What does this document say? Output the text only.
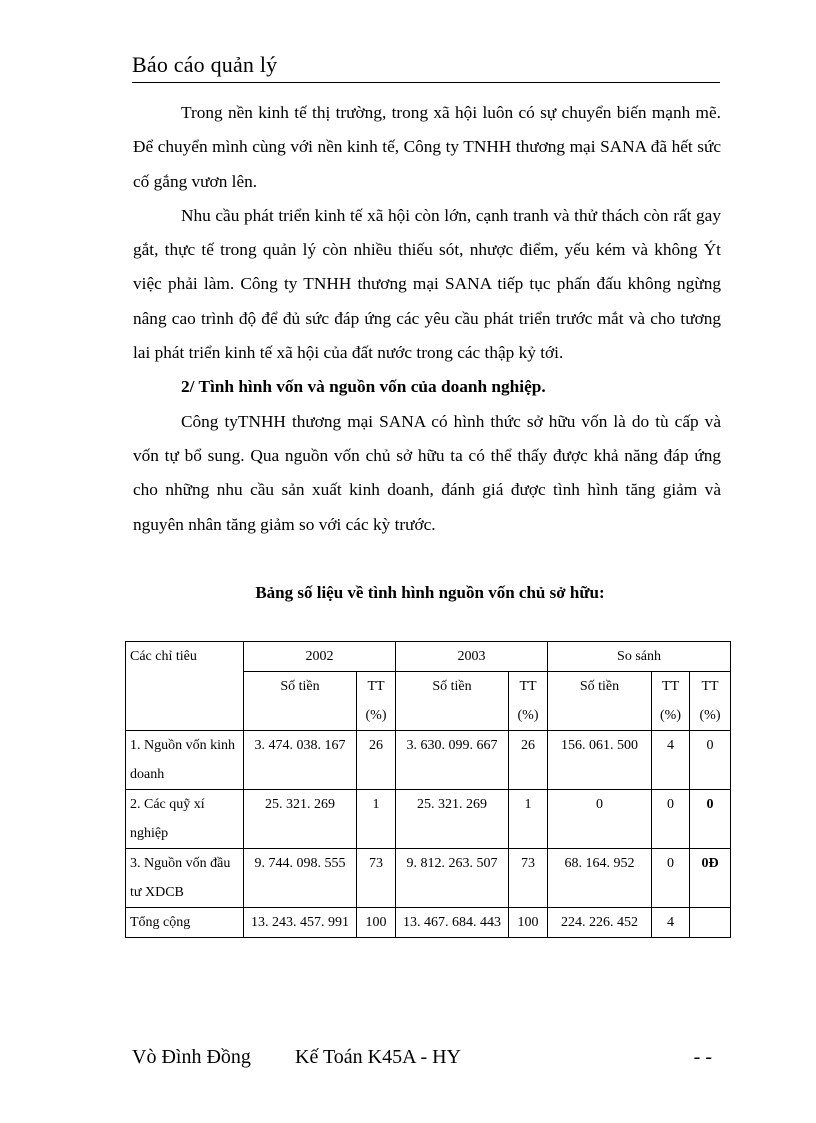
Báo cáo quản lý

Trong nền kinh tế thị trường, trong xã hội luôn có sự chuyển biến mạnh mẽ. Để chuyển mình cùng với nền kinh tế, Công ty TNHH thương mại SANA đã hết sức cố gắng vươn lên.

Nhu cầu phát triển kinh tế xã hội còn lớn, cạnh tranh và thử thách còn rất gay gắt, thực tế trong quản lý còn nhiều thiếu sót, nhược điểm, yếu kém và không Ýt việc phải làm. Công ty TNHH thương mại SANA tiếp tục phấn đấu không ngừng nâng cao trình độ để đủ sức đáp ứng các yêu cầu phát triển trước mắt và cho tương lai phát triển kinh tế xã hội của đất nước trong các thập kỷ tới.

2/ Tình hình vốn và nguồn vốn của doanh nghiệp.

Công tyTNHH thương mại SANA có hình thức sở hữu vốn là do tù cấp và vốn tự bổ sung. Qua nguồn vốn chủ sở hữu ta có thể thấy được khả năng đáp ứng cho những nhu cầu sản xuất kinh doanh, đánh giá được tình hình tăng giảm và nguyên nhân tăng giảm so với các kỳ trước.

Bảng số liệu về tình hình nguồn vốn chủ sở hữu:
Các chỉ tiêu	2002		2003		So sánh		
	Số tiền	TT (%)	Số tiền	TT (%)	Số tiền	TT (%)	TT (%)
1. Nguồn vốn kinh doanh	3. 474. 038. 167	26	3. 630. 099. 667	26	156. 061. 500	4	0
2. Các quỹ xí nghiệp	25. 321. 269	1	25. 321. 269	1	0	0	0
3. Nguồn vốn đầu tư XDCB	9. 744. 098. 555	73	9. 812. 263. 507	73	68. 164. 952	0	0Đ
Tổng cộng	13. 243. 457. 991	100	13. 467. 684. 443	100	224. 226. 452	4	
Vò Đình Đồng Kế Toán K45A - HY	- -
